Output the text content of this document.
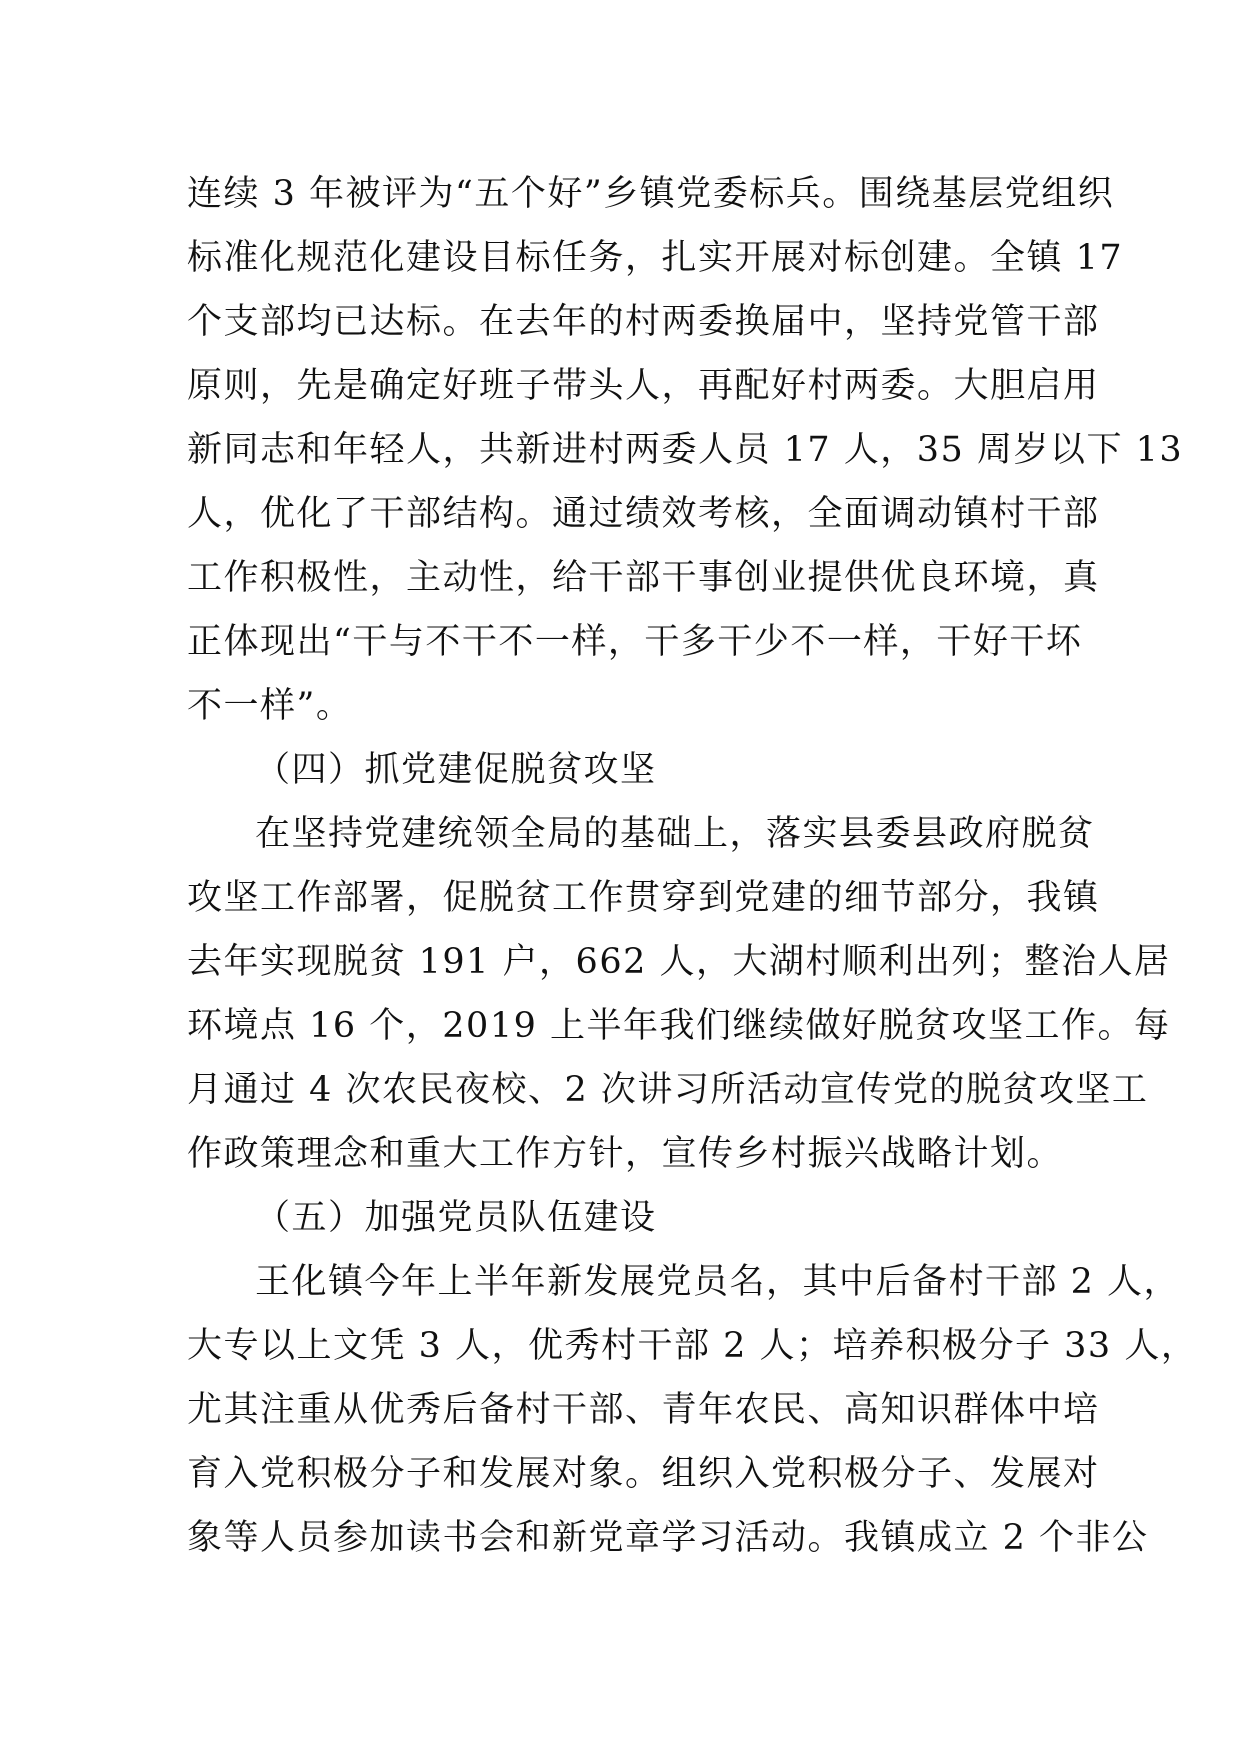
连续 3 年被评为“五个好”乡镇党委标兵。围绕基层党组织
标准化规范化建设目标任务，扎实开展对标创建。全镇 17
个支部均已达标。在去年的村两委换届中，坚持党管干部
原则，先是确定好班子带头人，再配好村两委。大胆启用
新同志和年轻人，共新进村两委人员 17 人，35 周岁以下 13
人，优化了干部结构。通过绩效考核，全面调动镇村干部
工作积极性，主动性，给干部干事创业提供优良环境，真
正体现出“干与不干不一样，干多干少不一样，干好干坏
不一样”。
（四）抓党建促脱贫攻坚
在坚持党建统领全局的基础上，落实县委县政府脱贫
攻坚工作部署，促脱贫工作贯穿到党建的细节部分，我镇
去年实现脱贫 191 户，662 人，大湖村顺利出列；整治人居
环境点 16 个，2019 上半年我们继续做好脱贫攻坚工作。每
月通过 4 次农民夜校、2 次讲习所活动宣传党的脱贫攻坚工
作政策理念和重大工作方针，宣传乡村振兴战略计划。
（五）加强党员队伍建设
王化镇今年上半年新发展党员名，其中后备村干部 2 人，
大专以上文凭 3 人，优秀村干部 2 人；培养积极分子 33 人，
尤其注重从优秀后备村干部、青年农民、高知识群体中培
育入党积极分子和发展对象。组织入党积极分子、发展对
象等人员参加读书会和新党章学习活动。我镇成立 2 个非公
